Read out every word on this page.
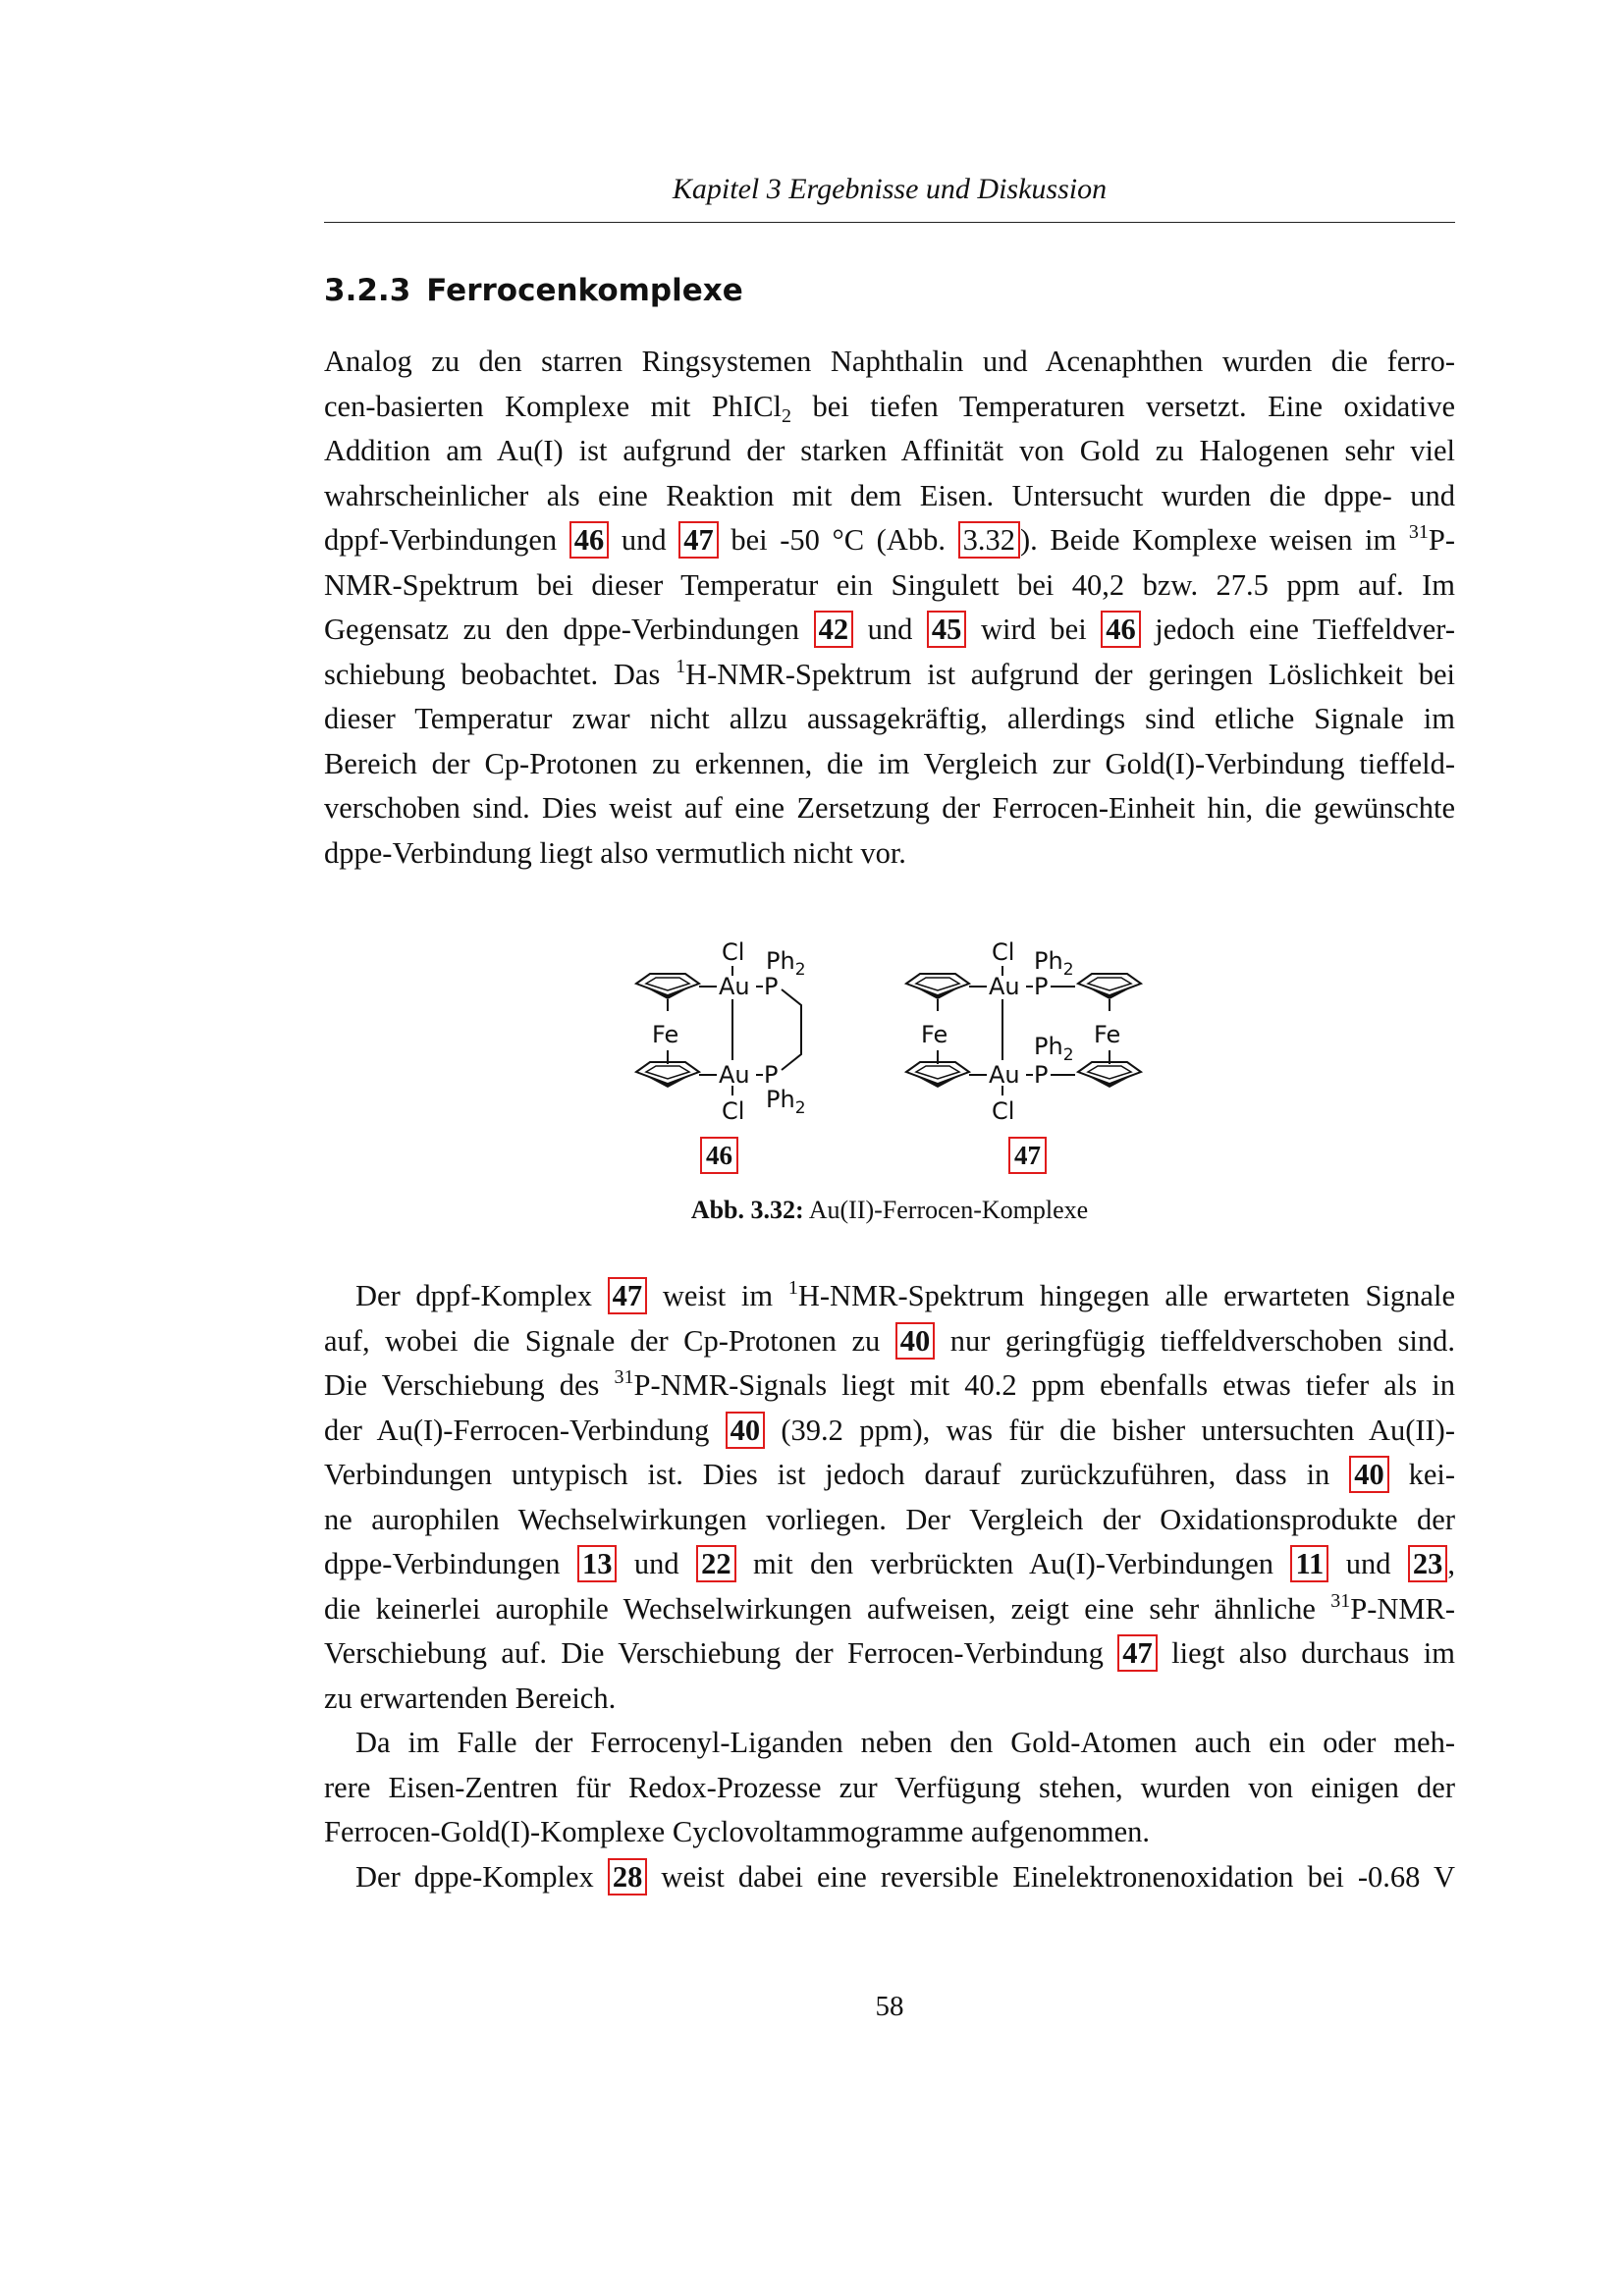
Kapitel 3 Ergebnisse und Diskussion
3.2.3 Ferrocenkomplexe
Analog zu den starren Ringsystemen Naphthalin und Acenaphthen wurden die ferro-
cen-basierten Komplexe mit PhICl$_2$ bei tiefen Temperaturen versetzt. Eine oxidative
Addition am Au(I) ist aufgrund der starken Affinität von Gold zu Halogenen sehr viel
wahrscheinlicher als eine Reaktion mit dem Eisen. Untersucht wurden die dppe- und
dppf-Verbindungen 46 und 47 bei -50 °C (Abb. 3.32 ). Beide Komplexe weisen im $^{31}$P-
NMR-Spektrum bei dieser Temperatur ein Singulett bei 40,2 bzw. 27.5 ppm auf. Im
Gegensatz zu den dppe-Verbindungen 42 und 45 wird bei 46 jedoch eine Tieffeldver-
schiebung beobachtet. Das $^1$H-NMR-Spektrum ist aufgrund der geringen Löslichkeit bei
dieser Temperatur zwar nicht allzu aussagekräftig, allerdings sind etliche Signale im
Bereich der Cp-Protonen zu erkennen, die im Vergleich zur Gold(I)-Verbindung tieffeld-
verschoben sind. Dies weist auf eine Zersetzung der Ferrocen-Einheit hin, die gewünschte
dppe-Verbindung liegt also vermutlich nicht vor.
Fe
Au
Au
P
P
Cl
Cl
$Ph_2$
$Ph_2$
Fe
Au
Au
P
P
Cl
Cl
$Ph_2$
$Ph_2$
Fe
46	47
Abb. 3.32: Au(II)-Ferrocen-Komplexe
Der dppf-Komplex 47 weist im $^1$H-NMR-Spektrum hingegen alle erwarteten Signale
auf, wobei die Signale der Cp-Protonen zu 40 nur geringfügig tieffeldverschoben sind.
Die Verschiebung des $^{31}$P-NMR-Signals liegt mit 40.2 ppm ebenfalls etwas tiefer als in
der Au(I)-Ferrocen-Verbindung 40 (39.2 ppm), was für die bisher untersuchten Au(II)-
Verbindungen untypisch ist. Dies ist jedoch darauf zurückzuführen, dass in 40 kei-
ne aurophilen Wechselwirkungen vorliegen. Der Vergleich der Oxidationsprodukte der
dppe-Verbindungen 13 und 22 mit den verbrückten Au(I)-Verbindungen 11 und 23 ,
die keinerlei aurophile Wechselwirkungen aufweisen, zeigt eine sehr ähnliche $^{31}$P-NMR-
Verschiebung auf. Die Verschiebung der Ferrocen-Verbindung 47 liegt also durchaus im
zu erwartenden Bereich.
Da im Falle der Ferrocenyl-Liganden neben den Gold-Atomen auch ein oder meh-
rere Eisen-Zentren für Redox-Prozesse zur Verfügung stehen, wurden von einigen der
Ferrocen-Gold(I)-Komplexe Cyclovoltammogramme aufgenommen.
Der dppe-Komplex 28 weist dabei eine reversible Einelektronenoxidation bei -0.68 V
58
